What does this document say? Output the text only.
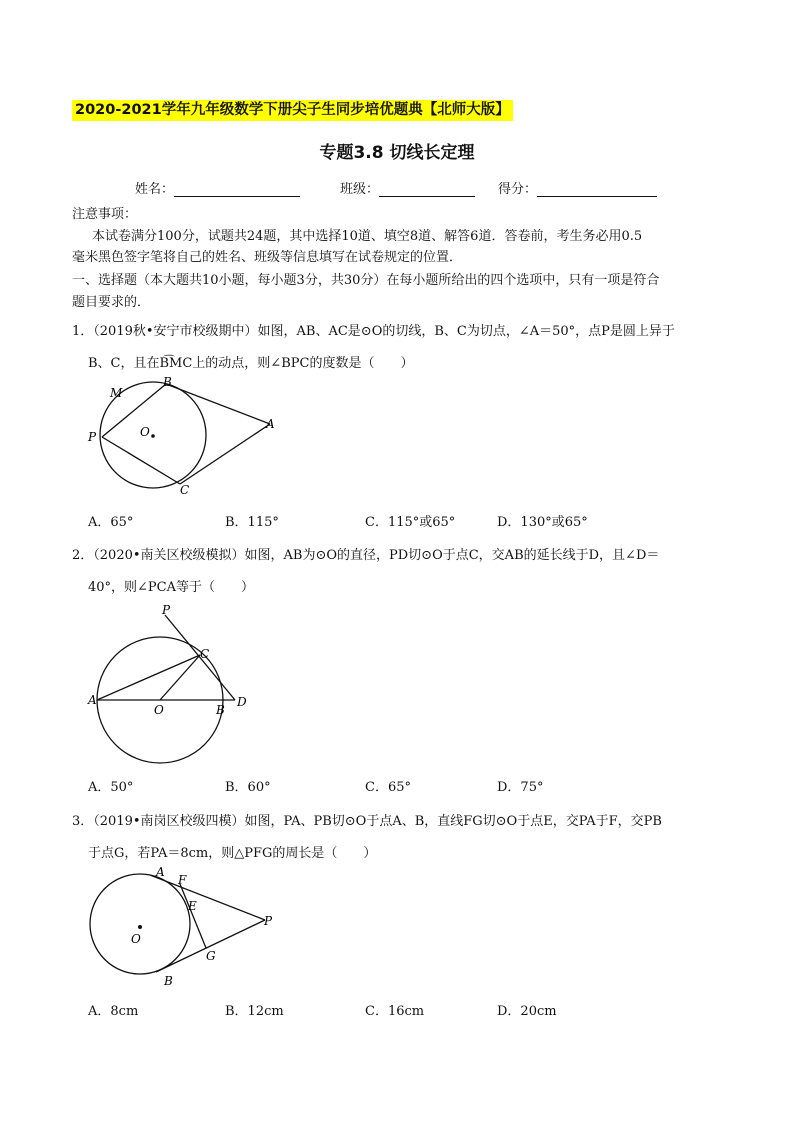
2020-2021学年九年级数学下册尖子生同步培优题典【北师大版】
专题3.8 切线长定理
姓名：	班级：	得分：
注意事项：
本试卷满分100分，试题共24题，其中选择10道、填空8道、解答6道．答卷前，考生务必用0.5
毫米黑色签字笔将自己的姓名、班级等信息填写在试卷规定的位置．
一、选择题（本大题共10小题，每小题3分，共30分）在每小题所给出的四个选项中，只有一项是符合
题目要求的．
1．（2019秋•安宁市校级期中）如图，AB、AC是⊙O的切线，B、C为切点，∠A＝50°，点P是圆上异于
B、C，且在B͡MC上的动点，则∠BPC的度数是（　　）
M
B
A
P	O
C
A．65°	B．115°	C．115°或65°	D．130°或65°
2．（2020•南关区校级模拟）如图，AB为⊙O的直径，PD切⊙O于点C，交AB的延长线于D，且∠D＝
40°，则∠PCA等于（　　）
P
C
A
O	B
D
A．50°	B．60°	C．65°	D．75°
3．（2019•南岗区校级四模）如图，PA、PB切⊙O于点A、B，直线FG切⊙O于点E，交PA于F，交PB
于点G，若PA＝8cm，则△PFG的周长是（　　）
A
F
E
P
O
G
B
A．8cm	B．12cm	C．16cm	D．20cm
